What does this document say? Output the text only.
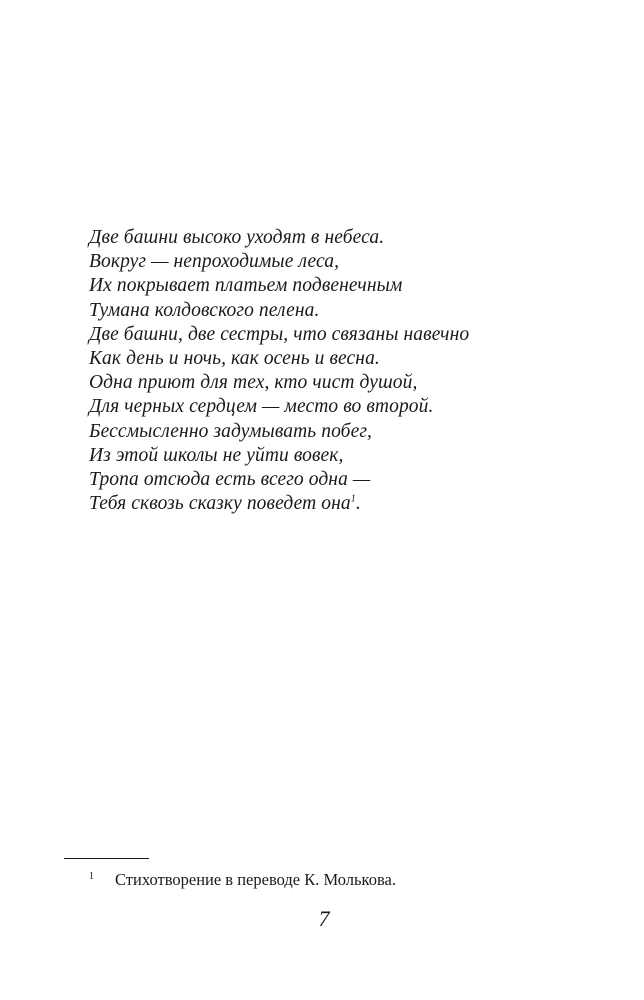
Две башни высоко уходят в небеса.
Вокруг — непроходимые леса,
Их покрывает платьем подвенечным
Тумана колдовского пелена.
Две башни, две сестры, что связаны навечно
Как день и ночь, как осень и весна.
Одна приют для тех, кто чист душой,
Для черных сердцем — место во второй.
Бессмысленно задумывать побег,
Из этой школы не уйти вовек,
Тропа отсюда есть всего одна —
Тебя сквозь сказку поведет она$^1$.
1 Стихотворение в переводе К. Молькова.
7
